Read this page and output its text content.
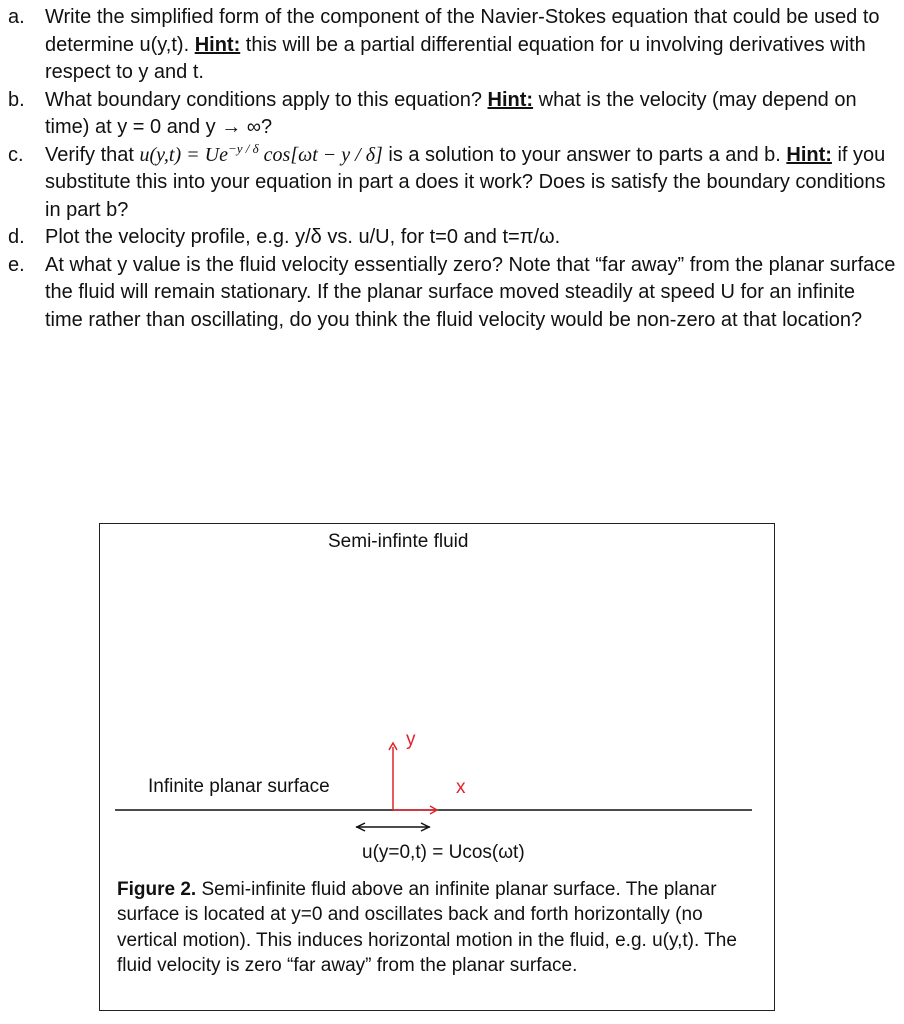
a. Write the simplified form of the component of the Navier-Stokes equation that could be used to determine u(y,t). Hint: this will be a partial differential equation for u involving derivatives with respect to y and t.
b. What boundary conditions apply to this equation? Hint: what is the velocity (may depend on time) at y = 0 and y → ∞?
c. Verify that $u(y,t) = Ue^{-y / \delta}$ cos[ωt − y / δ] is a solution to your answer to parts a and b. Hint: if you substitute this into your equation in part a does it work? Does is satisfy the boundary conditions in part b?
d. Plot the velocity profile, e.g. y/δ vs. u/U, for t=0 and t=π/ω.
e. At what y value is the fluid velocity essentially zero? Note that “far away” from the planar surface the fluid will remain stationary. If the planar surface moved steadily at speed U for an infinite time rather than oscillating, do you think the fluid velocity would be non-zero at that location?
Semi-infinte fluid
Infinite planar surface
y
x
u(y=0,t) = Ucos(ωt)
Figure 2. Semi-infinite fluid above an infinite planar surface. The planar surface is located at y=0 and oscillates back and forth horizontally (no vertical motion). This induces horizontal motion in the fluid, e.g. u(y,t). The fluid velocity is zero “far away” from the planar surface.
